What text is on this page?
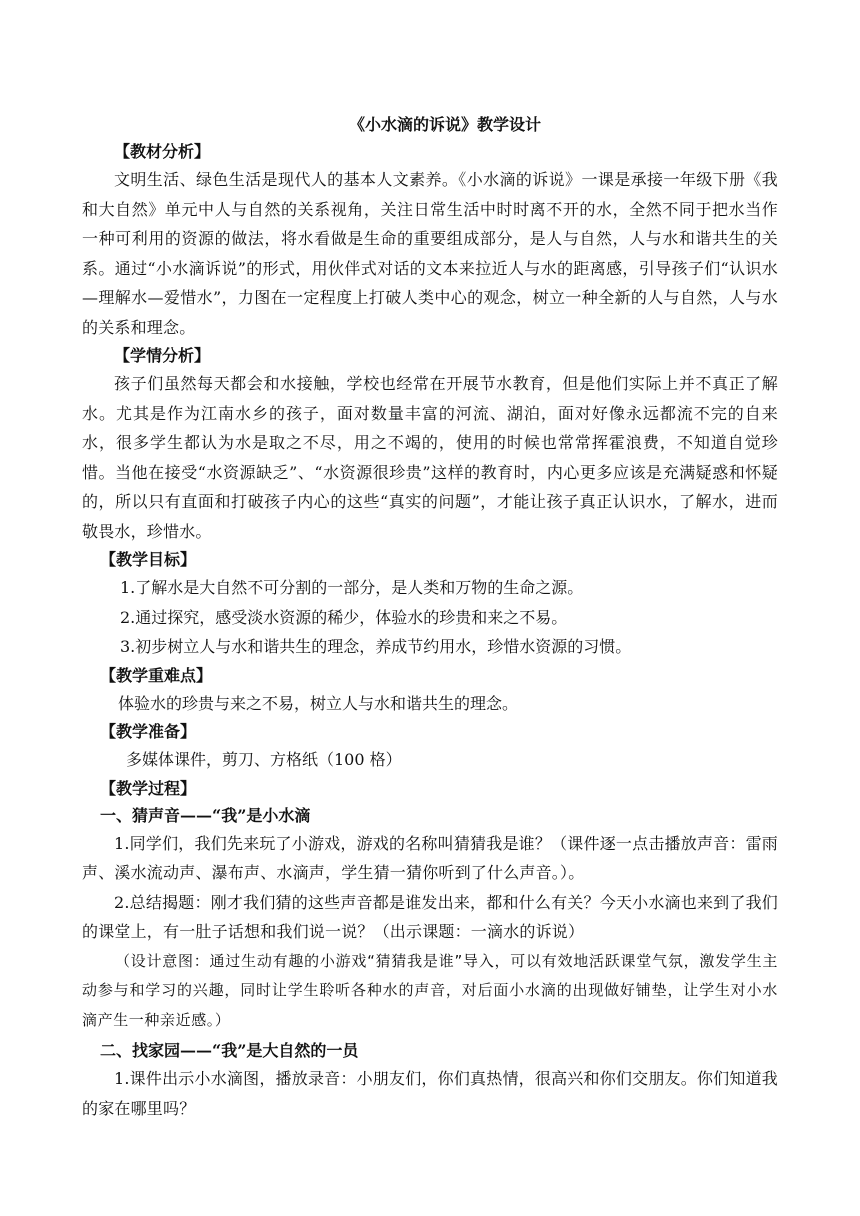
《小水滴的诉说》教学设计

【教材分析】

文明生活、绿色生活是现代人的基本人文素养。《小水滴的诉说》一课是承接一年级下册《我和大自然》单元中人与自然的关系视角，关注日常生活中时时离不开的水，全然不同于把水当作一种可利用的资源的做法，将水看做是生命的重要组成部分，是人与自然，人与水和谐共生的关系。通过“小水滴诉说”的形式，用伙伴式对话的文本来拉近人与水的距离感，引导孩子们“认识水—理解水—爱惜水”，力图在一定程度上打破人类中心的观念，树立一种全新的人与自然，人与水的关系和理念。

【学情分析】

孩子们虽然每天都会和水接触，学校也经常在开展节水教育，但是他们实际上并不真正了解水。尤其是作为江南水乡的孩子，面对数量丰富的河流、湖泊，面对好像永远都流不完的自来水，很多学生都认为水是取之不尽，用之不竭的，使用的时候也常常挥霍浪费，不知道自觉珍惜。当他在接受“水资源缺乏”、“水资源很珍贵”这样的教育时，内心更多应该是充满疑惑和怀疑的，所以只有直面和打破孩子内心的这些“真实的问题”，才能让孩子真正认识水，了解水，进而敬畏水，珍惜水。

【教学目标】

1.了解水是大自然不可分割的一部分，是人类和万物的生命之源。

2.通过探究，感受淡水资源的稀少，体验水的珍贵和来之不易。

3.初步树立人与水和谐共生的理念，养成节约用水，珍惜水资源的习惯。

【教学重难点】

体验水的珍贵与来之不易，树立人与水和谐共生的理念。

【教学准备】

多媒体课件，剪刀、方格纸（100 格）

【教学过程】

一、猜声音——“我”是小水滴

1.同学们，我们先来玩了小游戏，游戏的名称叫猜猜我是谁？（课件逐一点击播放声音：雷雨声、溪水流动声、瀑布声、水滴声，学生猜一猜你听到了什么声音。）。

2.总结揭题：刚才我们猜的这些声音都是谁发出来，都和什么有关？今天小水滴也来到了我们的课堂上，有一肚子话想和我们说一说？（出示课题：一滴水的诉说）

（设计意图：通过生动有趣的小游戏“猜猜我是谁”导入，可以有效地活跃课堂气氛，激发学生主动参与和学习的兴趣，同时让学生聆听各种水的声音，对后面小水滴的出现做好铺垫，让学生对小水滴产生一种亲近感。）

二、找家园——“我”是大自然的一员

1.课件出示小水滴图，播放录音：小朋友们，你们真热情，很高兴和你们交朋友。你们知道我的家在哪里吗？
